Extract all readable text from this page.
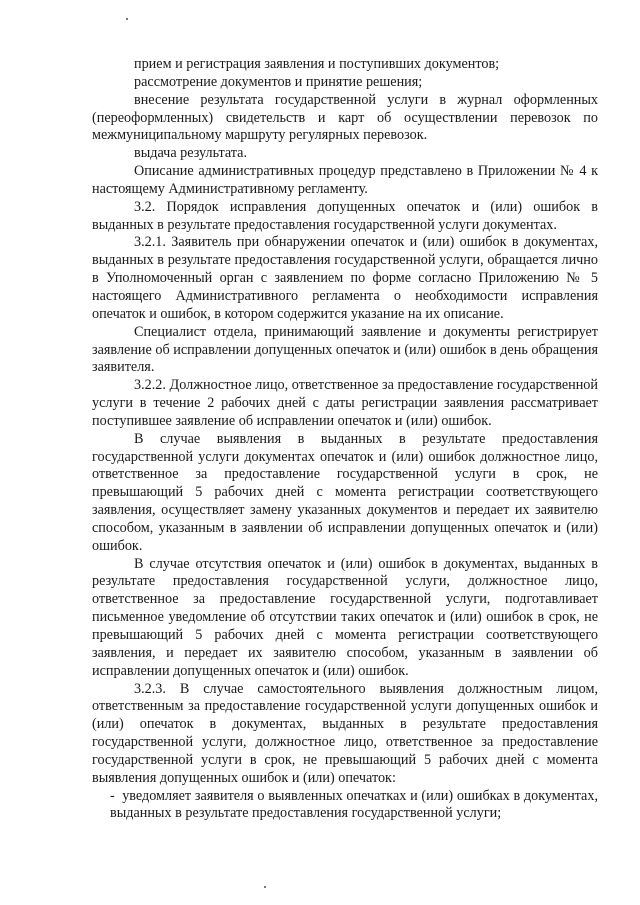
прием и регистрация заявления и поступивших документов;

рассмотрение документов и принятие решения;

внесение результата государственной услуги в журнал оформленных (переоформленных) свидетельств и карт об осуществлении перевозок по межмуниципальному маршруту регулярных перевозок.

выдача результата.

Описание административных процедур представлено в Приложении № 4 к настоящему Административному регламенту.

3.2. Порядок исправления допущенных опечаток и (или) ошибок в выданных в результате предоставления государственной услуги документах.

3.2.1. Заявитель при обнаружении опечаток и (или) ошибок в документах, выданных в результате предоставления государственной услуги, обращается лично в Уполномоченный орган с заявлением по форме согласно Приложению № 5 настоящего Административного регламента о необходимости исправления опечаток и ошибок, в котором содержится указание на их описание.

Специалист отдела, принимающий заявление и документы регистрирует заявление об исправлении допущенных опечаток и (или) ошибок в день обращения заявителя.

3.2.2. Должностное лицо, ответственное за предоставление государственной услуги в течение 2 рабочих дней с даты регистрации заявления рассматривает поступившее заявление об исправлении опечаток и (или) ошибок.

В случае выявления в выданных в результате предоставления государственной услуги документах опечаток и (или) ошибок должностное лицо, ответственное за предоставление государственной услуги в срок, не превышающий 5 рабочих дней с момента регистрации соответствующего заявления, осуществляет замену указанных документов и передает их заявителю способом, указанным в заявлении об исправлении допущенных опечаток и (или) ошибок.

В случае отсутствия опечаток и (или) ошибок в документах, выданных в результате предоставления государственной услуги, должностное лицо, ответственное за предоставление государственной услуги, подготавливает письменное уведомление об отсутствии таких опечаток и (или) ошибок в срок, не превышающий 5 рабочих дней с момента регистрации соответствующего заявления, и передает их заявителю способом, указанным в заявлении об исправлении допущенных опечаток и (или) ошибок.

3.2.3. В случае самостоятельного выявления должностным лицом, ответственным за предоставление государственной услуги допущенных ошибок и (или) опечаток в документах, выданных в результате предоставления государственной услуги, должностное лицо, ответственное за предоставление государственной услуги в срок, не превышающий 5 рабочих дней с момента выявления допущенных ошибок и (или) опечаток:

-  уведомляет заявителя о выявленных опечатках и (или) ошибках в документах, выданных в результате предоставления государственной услуги;
